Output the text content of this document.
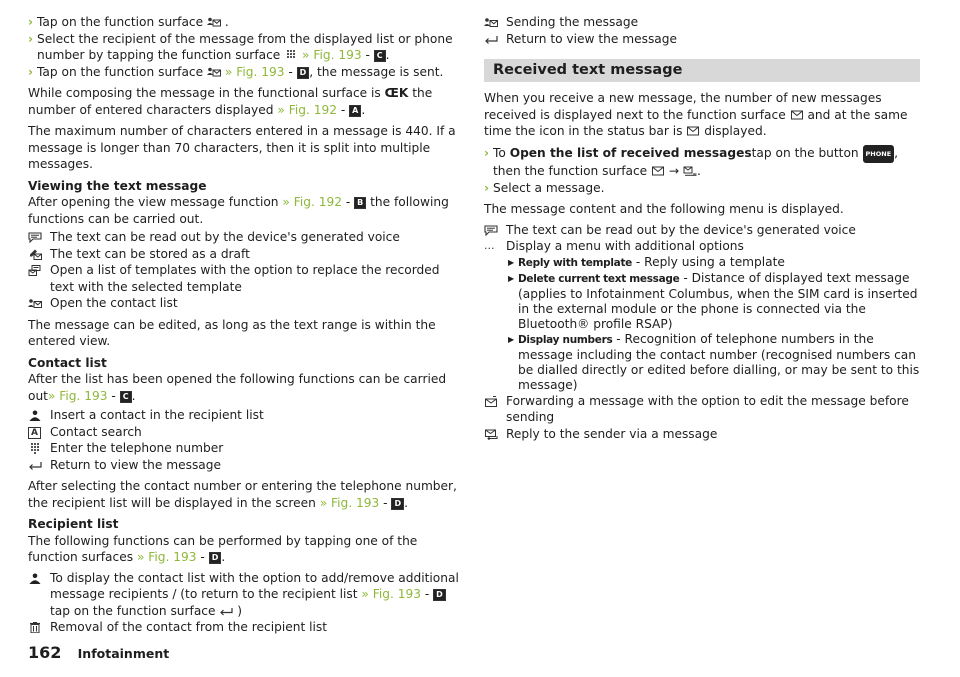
› Tap on the function surface .
› Select the recipient of the message from the displayed list or phone number by tapping the function surface » Fig. 193 - C .
› Tap on the function surface » Fig. 193 - D , the message is sent.

While composing the message in the functional surface is ŒK the number of entered characters displayed » Fig. 192 - A .

The maximum number of characters entered in a message is 440. If a message is longer than 70 characters, then it is split into multiple messages.

Viewing the text message

After opening the view message function » Fig. 192 - B the following functions can be carried out.

The text can be read out by the device's generated voice
The text can be stored as a draft
Open a list of templates with the option to replace the recorded text with the selected template
Open the contact list

The message can be edited, as long as the text range is within the entered view.

Contact list

After the list has been opened the following functions can be carried out» Fig. 193 - C .

Insert a contact in the recipient list
A Contact search
Enter the telephone number
Return to view the message

After selecting the contact number or entering the telephone number, the recipient list will be displayed in the screen » Fig. 193 - D .

Recipient list

The following functions can be performed by tapping one of the function surfaces » Fig. 193 - D .

To display the contact list with the option to add/remove additional message recipients / (to return to the recipient list » Fig. 193 - Dtap on the function surface )
Removal of the contact from the recipient list
Sending the message
Return to view the message
Received text message

When you receive a new message, the number of new messages received is displayed next to the function surface and at the same time the icon in the status bar is displayed.

› To Open the list of received messagestap on the button PHONE , then the function surface → .
› Select a message.

The message content and the following menu is displayed.

The text can be read out by the device's generated voice
... Display a menu with additional options
▶ Reply with template - Reply using a template
▶ Delete current text message - Distance of displayed text message (applies to Infotainment Columbus, when the SIM card is inserted in the external module or the phone is connected via the Bluetooth® profile RSAP)
▶ Display numbers - Recognition of telephone numbers in the message including the contact number (recognised numbers can be dialled directly or edited before dialling, or may be sent to this message)
Forwarding a message with the option to edit the message before sending
Reply to the sender via a message
162 Infotainment
